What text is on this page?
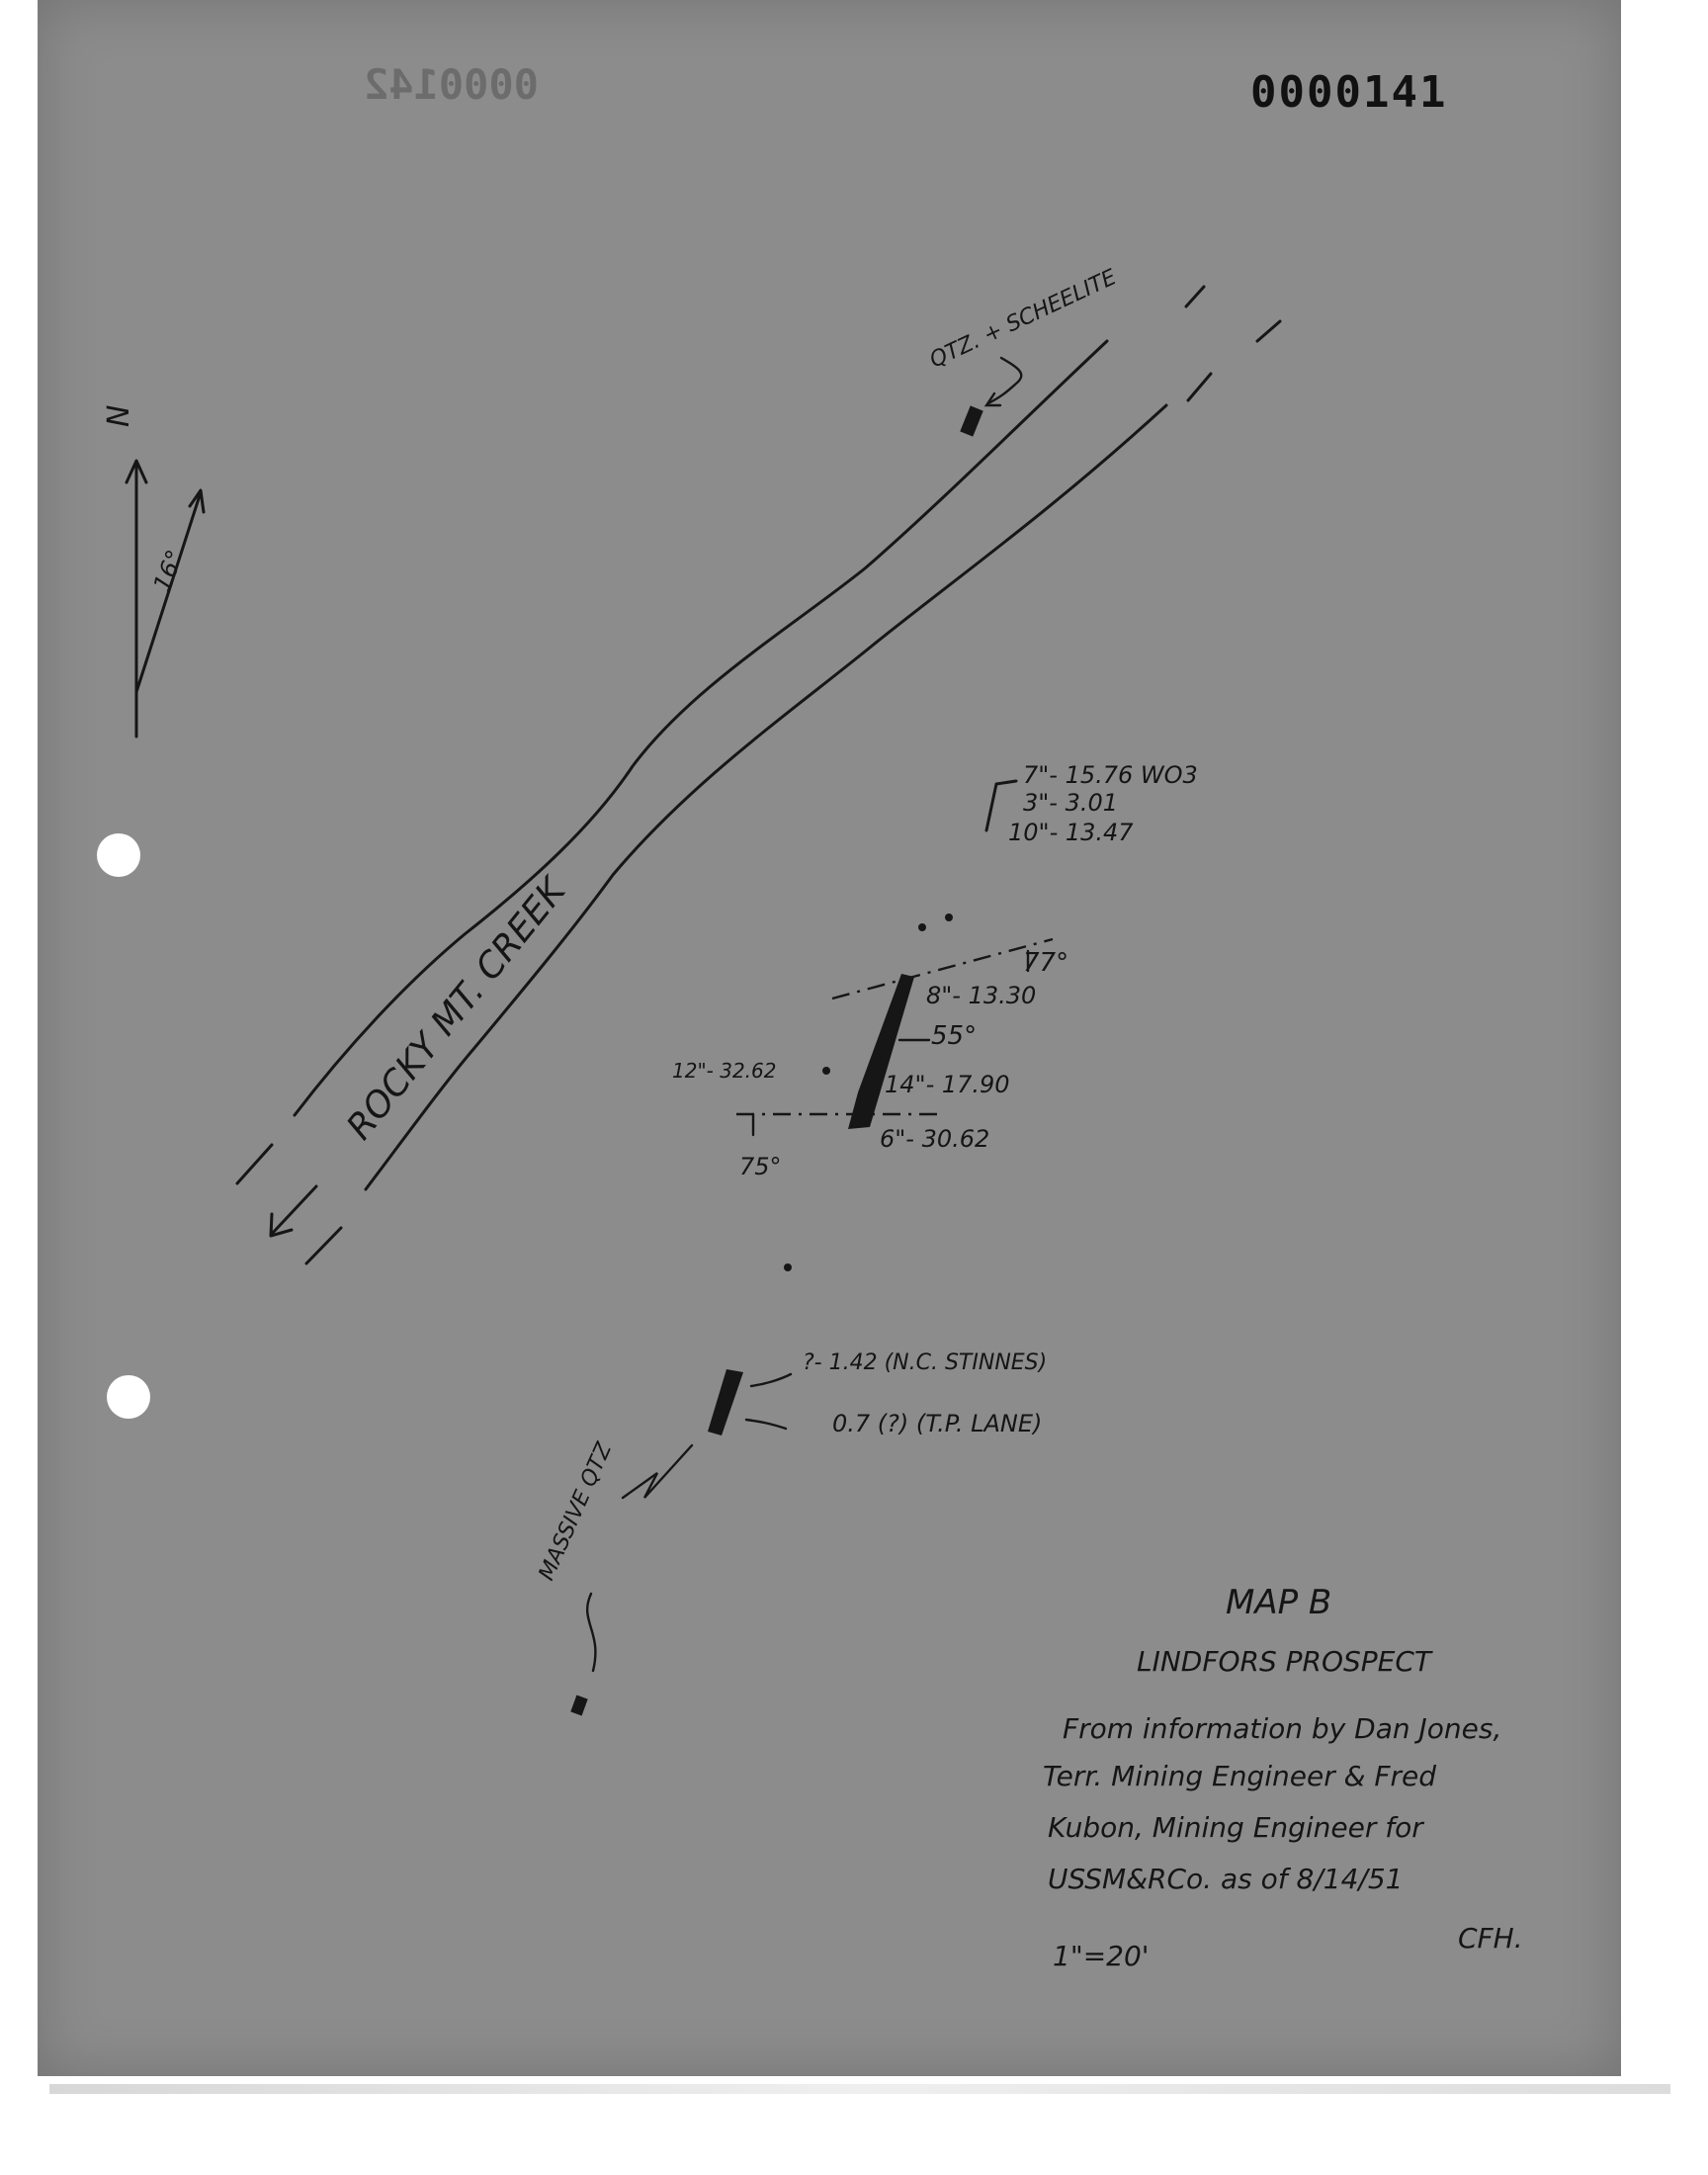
0000142	0000141
N
16°
ROCKY MT. CREEK
QTZ. + SCHEELITE
7"- 15.76 WO3
3"- 3.01
10"- 13.47
77°
8"- 13.30
55°
12"- 32.62	14"- 17.90
6"- 30.62
75°
?- 1.42 (N.C. STINNES)
0.7 (?) (T.P. LANE)
MASSIVE QTZ
MAP B
LINDFORS PROSPECT
From information by Dan Jones,
Terr. Mining Engineer & Fred
Kubon, Mining Engineer for
USSM&RCo. as of 8/14/51
1"=20'
CFH.
